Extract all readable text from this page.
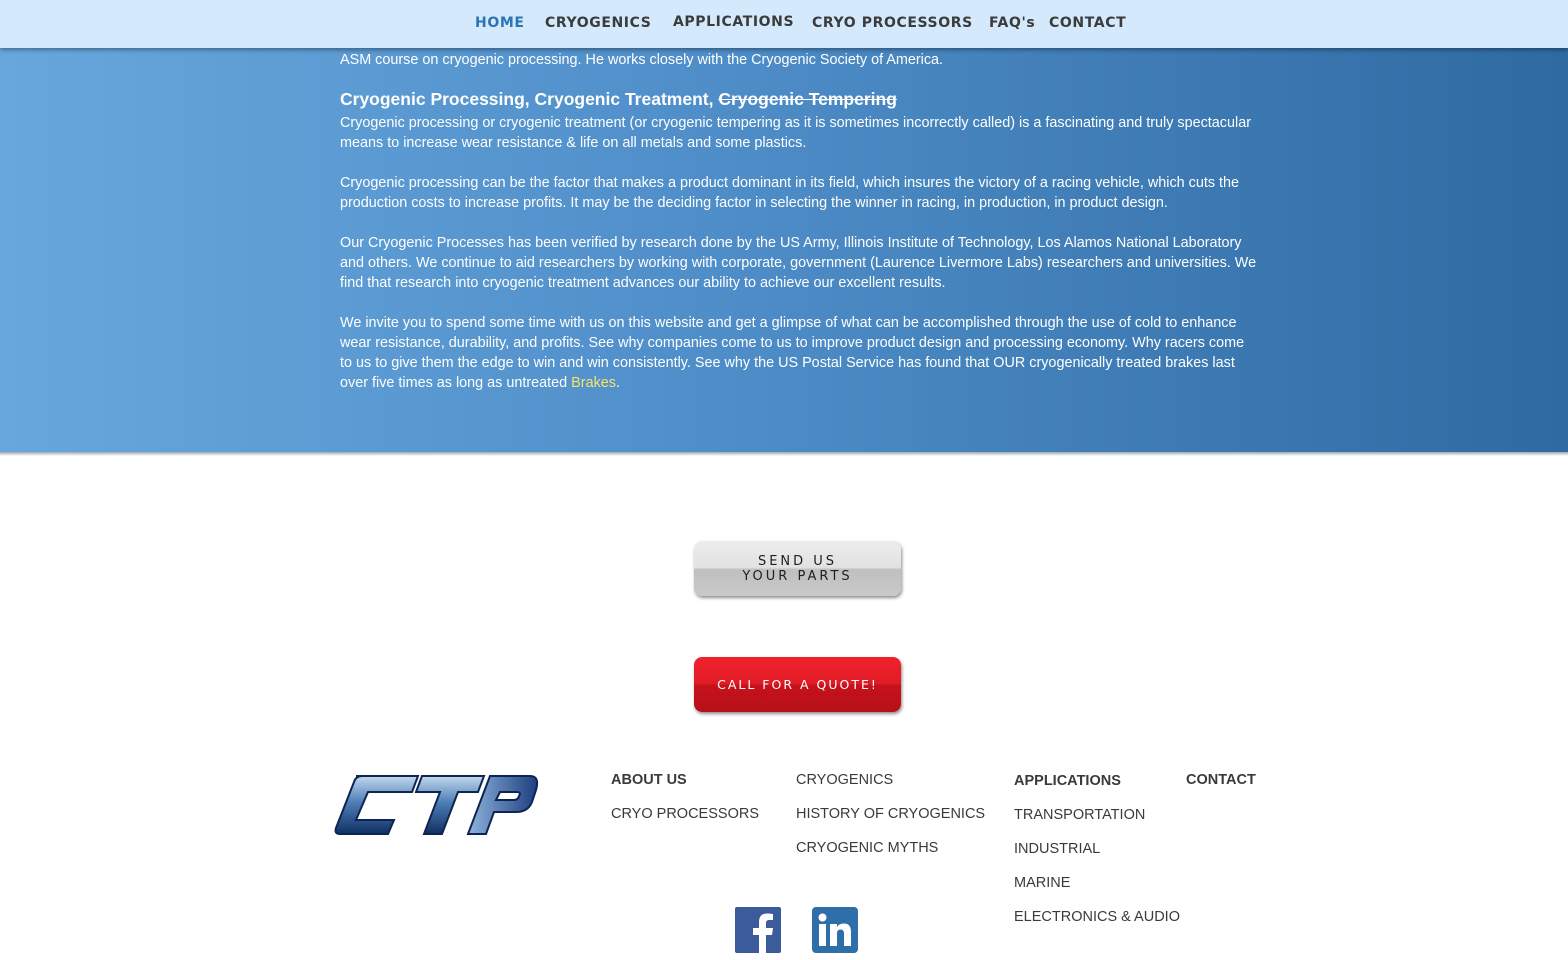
ASM course on cryogenic processing. He works closely with the Cryogenic Society of America.

Cryogenic Processing, Cryogenic Treatment, Cryogenic Tempering

Cryogenic processing or cryogenic treatment (or cryogenic tempering as it is sometimes incorrectly called) is a fascinating and truly spectacular means to increase wear resistance & life on all metals and some plastics.

Cryogenic processing can be the factor that makes a product dominant in its field, which insures the victory of a racing vehicle, which cuts the production costs to increase profits. It may be the deciding factor in selecting the winner in racing, in production, in product design.

Our Cryogenic Processes has been verified by research done by the US Army, Illinois Institute of Technology, Los Alamos National Laboratory and others. We continue to aid researchers by working with corporate, government (Laurence Livermore Labs) researchers and universities. We find that research into cryogenic treatment advances our ability to achieve our excellent results.

We invite you to spend some time with us on this website and get a glimpse of what can be accomplished through the use of cold to enhance wear resistance, durability, and profits. See why companies come to us to improve product design and processing economy. Why racers come to us to give them the edge to win and win consistently. See why the US Postal Service has found that OUR cryogenically treated brakes last over five times as long as untreated Brakes.

HOME CRYOGENICS APPLICATIONS CRYO PROCESSORS FAQ's CONTACT
SEND US
YOUR PARTS
CALL FOR A QUOTE!
ABOUT US
CRYO PROCESSORS
CRYOGENICS
HISTORY OF CRYOGENICS
CRYOGENIC MYTHS
APPLICATIONS
TRANSPORTATION
INDUSTRIAL
MARINE
ELECTRONICS & AUDIO
CONTACT
